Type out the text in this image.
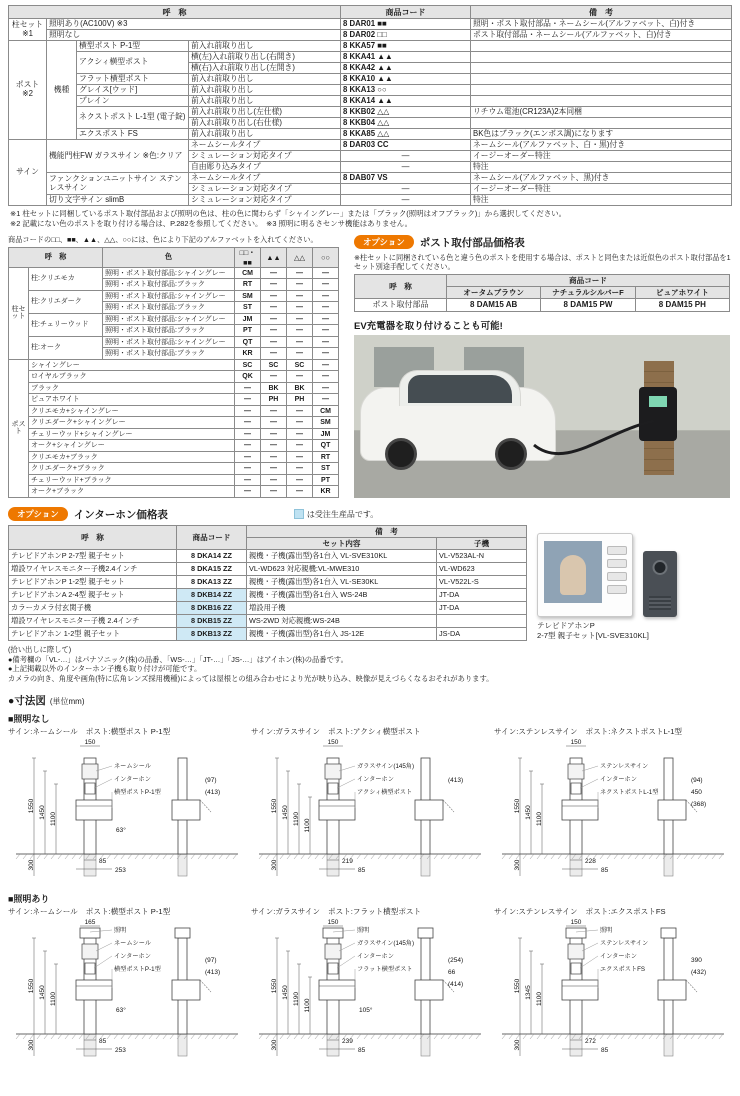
呼　称				商品コード	備　考
柱セット
※1	照明あり(AC100V) ※3			8 DAR01 ■■	照明・ポスト取付部品・ネームシール(アルファベット、白)付き
	照明なし			8 DAR02 □□	ポスト取付部品・ネームシール(アルファベット、白)付き
ポスト
※2	機種	横型ポスト P-1型	前入れ前取り出し	8 KKA57 ■■	
		アクシィ横型ポスト	横(左)入れ前取り出し(右開き)	8 KKA41 ▲▲	
			横(右)入れ前取り出し(左開き)	8 KKA42 ▲▲	
		フラット横型ポスト	前入れ前取り出し	8 KKA10 ▲▲	
		グレイス[ウッド]	前入れ前取り出し	8 KKA13 ○○	
		プレイン	前入れ前取り出し	8 KKA14 ▲▲	
		ネクストポスト L-1型 (電子錠)	前入れ前取り出し(左仕様)	8 KKB02 △△	リチウム電池(CR123A)2本同梱
			前入れ前取り出し(右仕様)	8 KKB04 △△	
		エクスポスト FS	前入れ前取り出し	8 KKA85 △△	BK色はブラック(エンボス調)になります
サイン	機能門柱FW ガラスサイン ※色:クリア		ネームシールタイプ	8 DAR03 CC	ネームシール(アルファベット、白・黒)付き
			シミュレーション対応タイプ	―	イージーオーダー特注
			自由彫り込みタイプ	―	特注
	ファンクションユニットサイン ステンレスサイン		ネームシールタイプ	8 DAB07 VS	ネームシール(アルファベット、黒)付き
			シミュレーション対応タイプ	―	イージーオーダー特注
	切り文字サイン slimB		シミュレーション対応タイプ	―	特注
※1 柱セットに同梱しているポスト取付部品および照明の色は、柱の色に関わらず「シャイングレー」または「ブラック(照明はオフブラック)」から選択してください。
※2 記載にない色のポストを取り付ける場合は、P.282を参照してください。　※3 照明に明るさセンサ機能はありません。
商品コードの□□、■■、▲▲、△△、○○には、色により下記のアルファベットを入れてください。
呼　称		色	□□・■■	▲▲	△△	○○
柱セット	柱:クリエモカ	照明・ポスト取付部品:シャイングレー	CM	―	―	―
		照明・ポスト取付部品:ブラック	RT	―	―	―
	柱:クリエダーク	照明・ポスト取付部品:シャイングレー	SM	―	―	―
		照明・ポスト取付部品:ブラック	ST	―	―	―
	柱:チェリーウッド	照明・ポスト取付部品:シャイングレー	JM	―	―	―
		照明・ポスト取付部品:ブラック	PT	―	―	―
	柱:オーク	照明・ポスト取付部品:シャイングレー	QT	―	―	―
		照明・ポスト取付部品:ブラック	KR	―	―	―
ポスト	シャイングレー		SC	SC	SC	―
	ロイヤルブラック		QK	―	―	―
	ブラック		―	BK	BK	―
	ピュアホワイト		―	PH	PH	―
	クリエモカ+シャイングレー		―	―	―	CM
	クリエダーク+シャイングレー		―	―	―	SM
	チェリーウッド+シャイングレー		―	―	―	JM
	オーク+シャイングレー		―	―	―	QT
	クリエモカ+ブラック		―	―	―	RT
	クリエダーク+ブラック		―	―	―	ST
	チェリーウッド+ブラック		―	―	―	PT
	オーク+ブラック		―	―	―	KR
オプション	ポスト取付部品価格表
※柱セットに同梱されている色と違う色のポストを使用する場合は、ポストと同色または近似色のポスト取付部品を1セット別途手配してください。
呼　称	商品コード		
	オータムブラウン	ナチュラルシルバーF	ピュアホワイト
ポスト取付部品	8 DAM15 AB	8 DAM15 PW	8 DAM15 PH
EV充電器を取り付けることも可能!
オプション	インターホン価格表	は受注生産品です。
呼　称	商品コード	備　考	
		セット内容	子機
テレビドアホンP 2-7型 親子セット	8 DKA14 ZZ	親機・子機(露出型)各1台入 VL-SVE310KL	VL-V523AL-N
増設ワイヤレスモニター子機2.4インチ	8 DKA15 ZZ	VL-WD623 対応親機:VL-MWE310	VL-WD623
テレビドアホンP 1-2型 親子セット	8 DKA13 ZZ	親機・子機(露出型)各1台入 VL-SE30KL	VL-V522L-S
テレビドアホンA 2-4型 親子セット	8 DKB14 ZZ	親機・子機(露出型)各1台入 WS-24B	JT-DA
カラーカメラ付玄関子機	8 DKB16 ZZ	増設用子機	JT-DA
増設ワイヤレスモニター子機 2.4インチ	8 DKB15 ZZ	WS-2WD 対応親機:WS-24B	
テレビドアホン 1-2型 親子セット	8 DKB13 ZZ	親機・子機(露出型)各1台入 JS-12E	JS-DA
テレビドアホンP
2-7型 親子セット[VL-SVE310KL]
(拾い出しに際して)
●備考欄の「VL-…」はパナソニック(株)の品番、「WS-…」「JT-…」「JS-…」はアイホン(株)の品番です。
●上記掲載以外のインターホン子機も取り付けが可能です。
カメラの向き、角度や画角(特に広角レンズ採用機種)によっては屋根との組み合わせにより光が映り込み、映像が見えづらくなるおそれがあります。
●寸法図 (単位mm)
■照明なし
サイン:ネームシール ポスト:横型ポスト P-1型
150
1550 1450 1100
300	85
253
(97)
(413)
63°
ネームシール
インターホン
横型ポストP-1型
サイン:ガラスサイン ポスト:アクシィ横型ポスト
150
1550 1450 1190 1100
300	219
85
(413)
ガラスサイン(145角)
インターホン
アクシィ横型ポスト
サイン:ステンレスサイン ポスト:ネクストポストL-1型
150
1550 1450 1100
300	228
85
(94)
450
(368)
ステンレスサイン
インターホン
ネクストポストL-1型
■照明あり
サイン:ネームシール ポスト:横型ポスト P-1型
165
1550 1450 1100
300	85
253
(97)
(413)
63°
照明
ネームシール
インターホン
横型ポストP-1型
サイン:ガラスサイン ポスト:フラット横型ポスト
150
1550 1450 1190 1100
300	239
85
(254)
66
(414)
105°
照明
ガラスサイン(145角)
インターホン
フラット横型ポスト
サイン:ステンレスサイン ポスト:エクスポストFS
150
1550 1345 1100
300	272
85
390
(432)
照明
ステンレスサイン
インターホン
エクスポストFS
